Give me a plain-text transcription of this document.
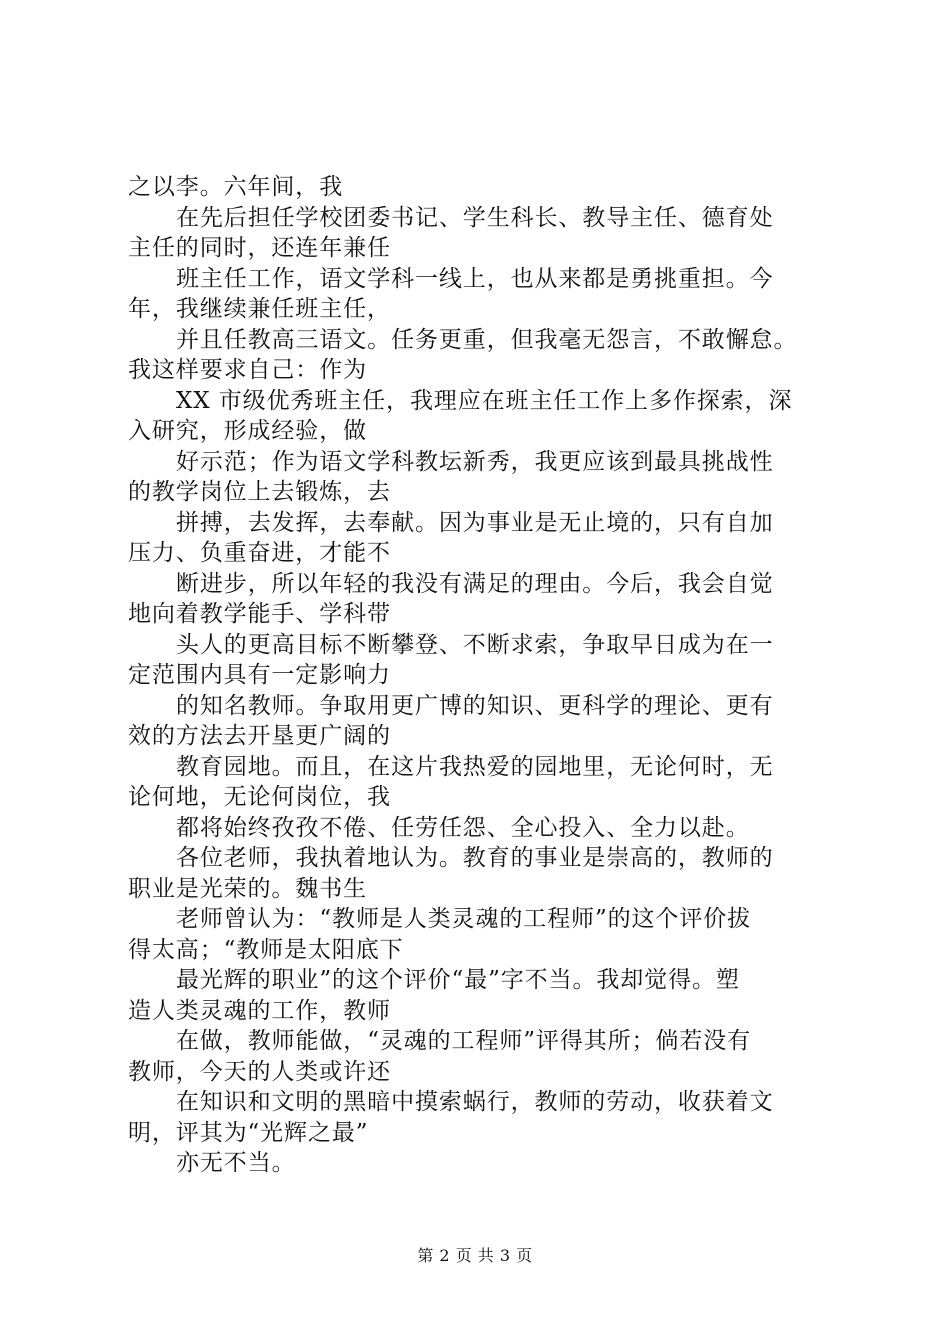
之以李。六年间，我
在先后担任学校团委书记、学生科长、教导主任、德育处
主任的同时，还连年兼任
班主任工作，语文学科一线上，也从来都是勇挑重担。今
年，我继续兼任班主任，
并且任教高三语文。任务更重，但我毫无怨言，不敢懈怠。
我这样要求自己：作为
XX 市级优秀班主任，我理应在班主任工作上多作探索，深
入研究，形成经验，做
好示范；作为语文学科教坛新秀，我更应该到最具挑战性
的教学岗位上去锻炼，去
拼搏，去发挥，去奉献。因为事业是无止境的，只有自加
压力、负重奋进，才能不
断进步，所以年轻的我没有满足的理由。今后，我会自觉
地向着教学能手、学科带
头人的更高目标不断攀登、不断求索，争取早日成为在一
定范围内具有一定影响力
的知名教师。争取用更广博的知识、更科学的理论、更有
效的方法去开垦更广阔的
教育园地。而且，在这片我热爱的园地里，无论何时，无
论何地，无论何岗位，我
都将始终孜孜不倦、任劳任怨、全心投入、全力以赴。
各位老师，我执着地认为。教育的事业是崇高的，教师的
职业是光荣的。魏书生
老师曾认为：“教师是人类灵魂的工程师”的这个评价拔
得太高；“教师是太阳底下
最光辉的职业”的这个评价“最”字不当。我却觉得。塑
造人类灵魂的工作，教师
在做，教师能做，“灵魂的工程师”评得其所；倘若没有
教师，今天的人类或许还
在知识和文明的黑暗中摸索蜗行，教师的劳动，收获着文
明，评其为“光辉之最”
亦无不当。
第 2 页 共 3 页
